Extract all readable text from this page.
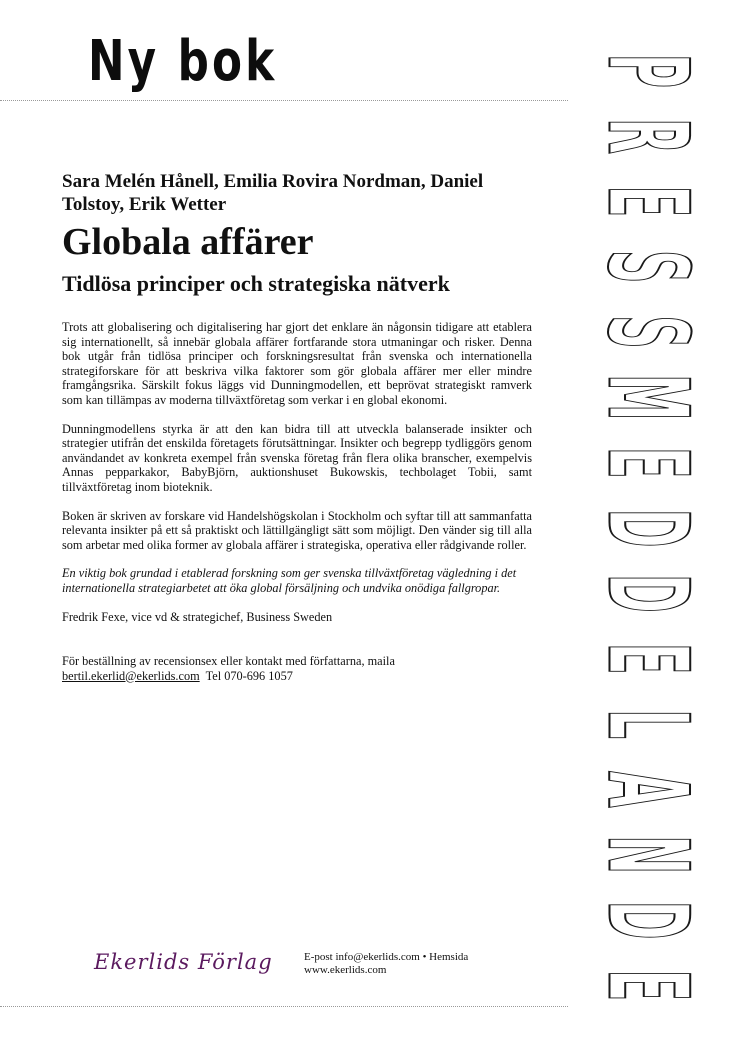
Ny bok
Sara Melén Hånell, Emilia Rovira Nordman, Daniel Tolstoy, Erik Wetter
Globala affärer
Tidlösa principer och strategiska nätverk

Trots att globalisering och digitalisering har gjort det enklare än någonsin tidigare att etablera sig internationellt, så innebär globala affärer fortfarande stora utmaningar och risker. Denna bok utgår från tidlösa principer och forskningsresultat från svenska och internationella strategiforskare för att beskriva vilka faktorer som gör globala affärer mer eller mindre framgångsrika. Särskilt fokus läggs vid Dunningmodellen, ett beprövat strategiskt ramverk som kan tillämpas av moderna tillväxtföretag som verkar i en global ekonomi.

Dunningmodellens styrka är att den kan bidra till att utveckla balanserade insikter och strategier utifrån det enskilda företagets förutsättningar. Insikter och begrepp tydliggörs genom användandet av konkreta exempel från svenska företag från flera olika branscher, exempelvis Annas pepparkakor, BabyBjörn, auktionshuset Bukowskis, techbolaget Tobii, samt tillväxtföretag inom bioteknik.

Boken är skriven av forskare vid Handelshögskolan i Stockholm och syftar till att sammanfatta relevanta insikter på ett så praktiskt och lättillgängligt sätt som möjligt. Den vänder sig till alla som arbetar med olika former av globala affärer i strategiska, operativa eller rådgivande roller.

En viktig bok grundad i etablerad forskning som ger svenska tillväxtföretag vägledning i det internationella strategiarbetet att öka global försäljning och undvika onödiga fallgropar.

Fredrik Fexe, vice vd & strategichef, Business Sweden

För beställning av recensionsex eller kontakt med författarna, maila
bertil.ekerlid@ekerlids.com Tel 070-696 1057

Ekerlids Förlag	E-post info@ekerlids.com • Hemsida
www.ekerlids.com
P
R
E
S
S
M
E
D
D
E
L
A
N
D
E
